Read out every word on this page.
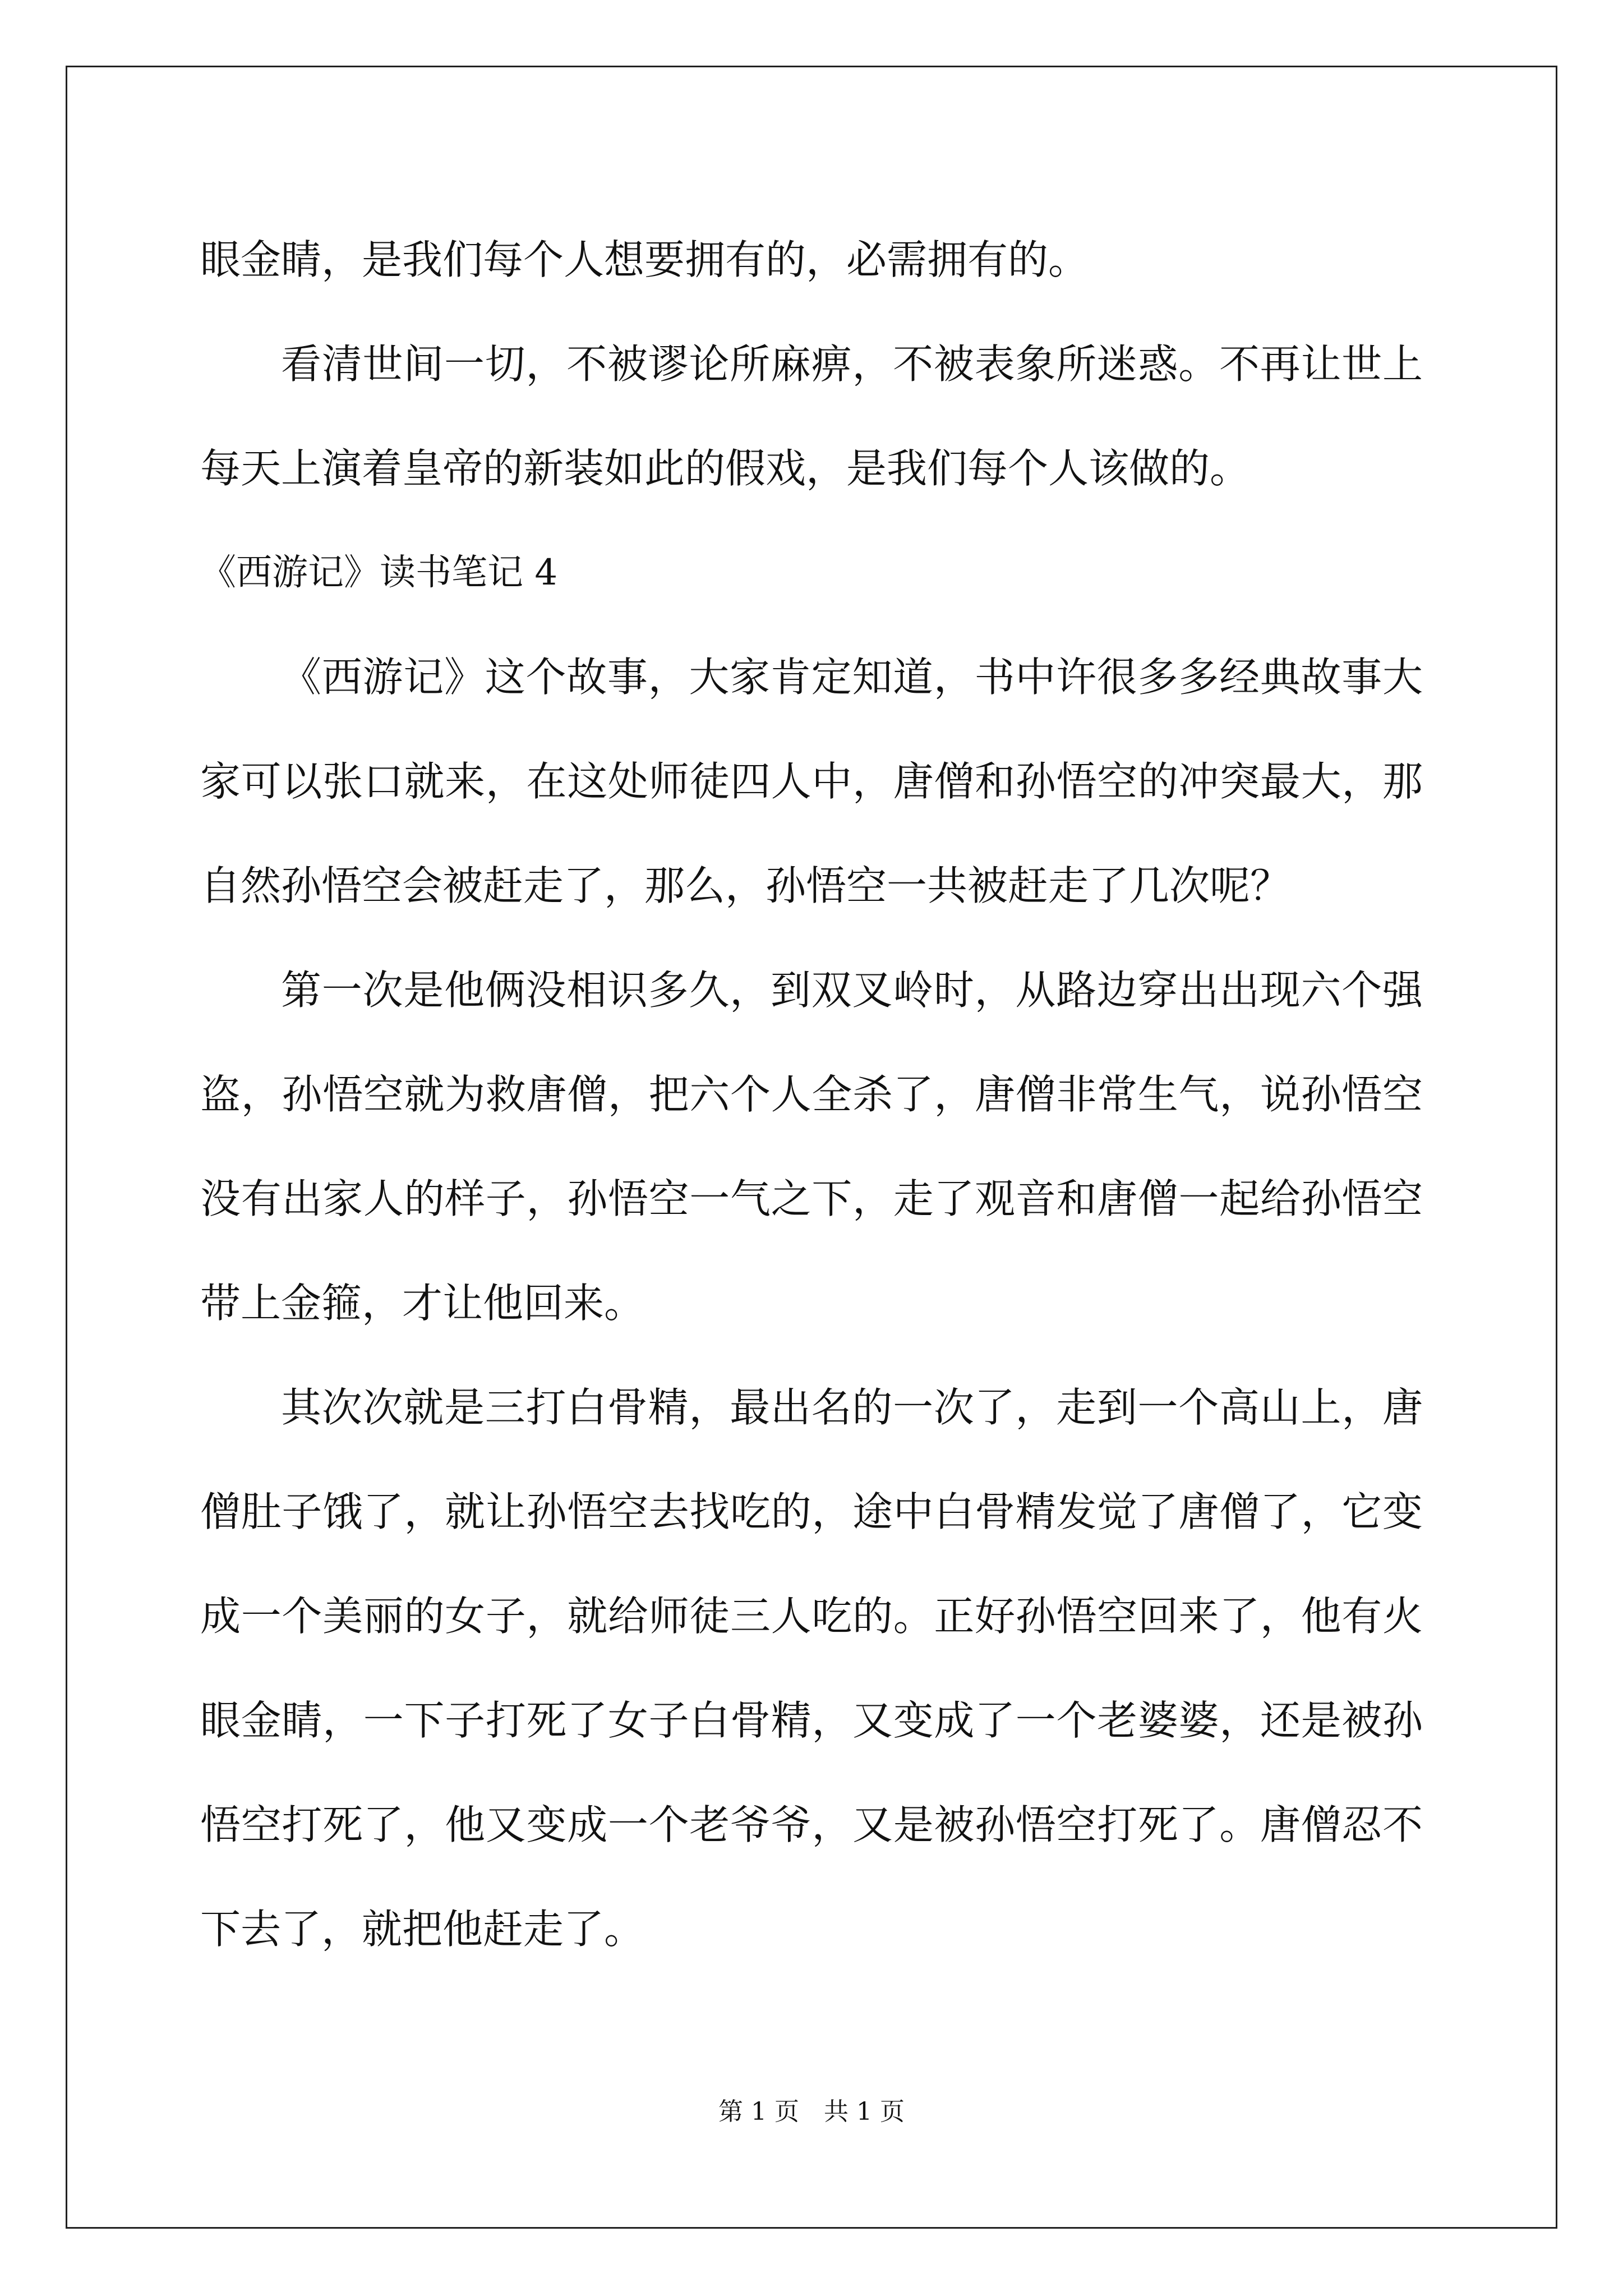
眼金睛，是我们每个人想要拥有的，必需拥有的。

看清世间一切，不被谬论所麻痹，不被表象所迷惑。不再让世上每天上演着皇帝的新装如此的假戏，是我们每个人该做的。

《西游记》读书笔记 4

《西游记》这个故事，大家肯定知道，书中许很多多经典故事大家可以张口就来，在这处师徒四人中，唐僧和孙悟空的冲突最大，那自然孙悟空会被赶走了，那么，孙悟空一共被赶走了几次呢？

第一次是他俩没相识多久，到双叉岭时，从路边穿出出现六个强盗，孙悟空就为救唐僧，把六个人全杀了，唐僧非常生气，说孙悟空没有出家人的样子，孙悟空一气之下，走了观音和唐僧一起给孙悟空带上金箍，才让他回来。

其次次就是三打白骨精，最出名的一次了，走到一个高山上，唐僧肚子饿了，就让孙悟空去找吃的，途中白骨精发觉了唐僧了，它变成一个美丽的女子，就给师徒三人吃的。正好孙悟空回来了，他有火眼金睛，一下子打死了女子白骨精，又变成了一个老婆婆，还是被孙悟空打死了，他又变成一个老爷爷，又是被孙悟空打死了。唐僧忍不下去了，就把他赶走了。

第 1 页　共 1 页
